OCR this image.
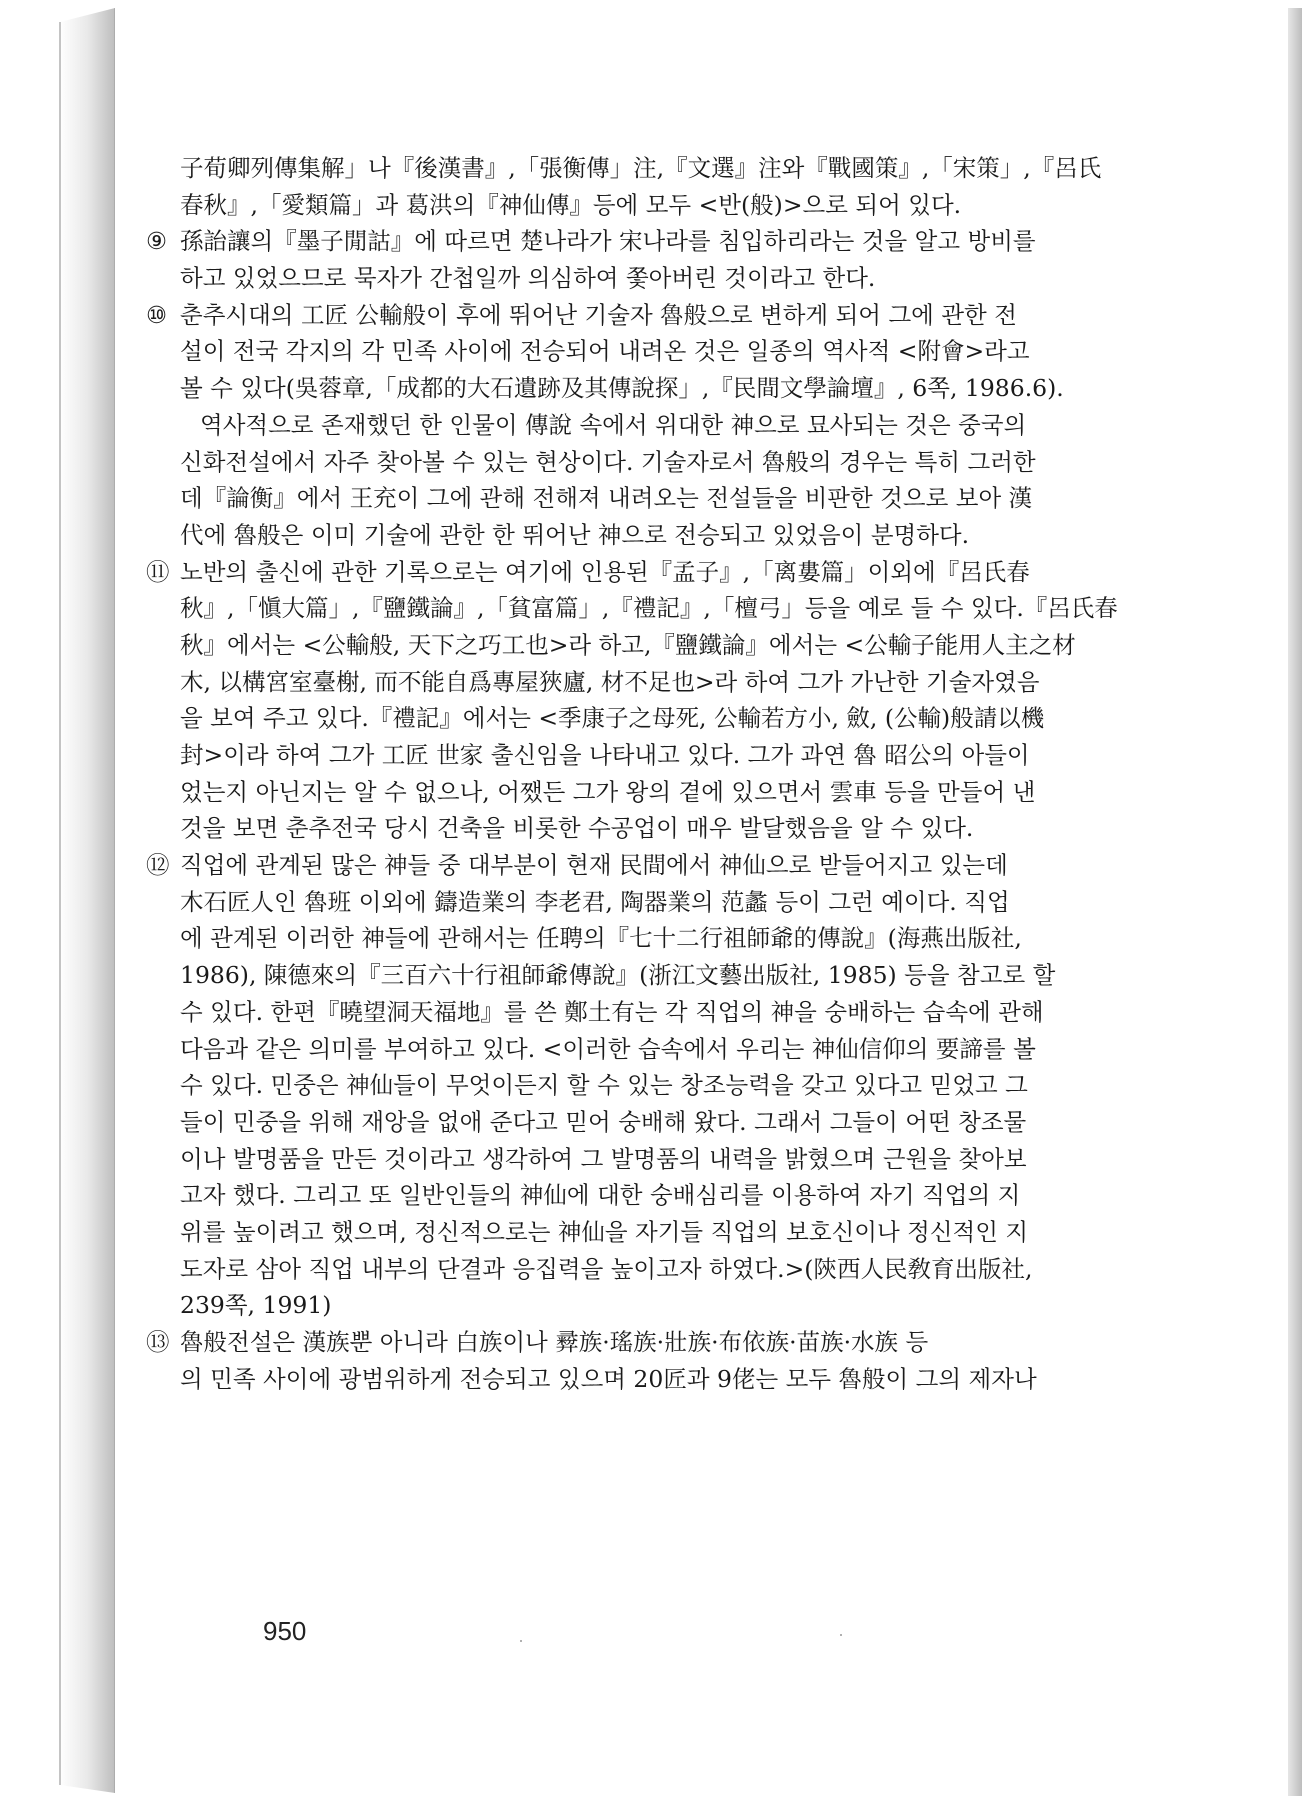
子荀卿列傳集解」나『後漢書』,「張衡傳」注,『文選』注와『戰國策』,「宋策」,『呂氏
春秋』,「愛類篇」과 葛洪의『神仙傳』등에 모두 <반(般)>으로 되어 있다.
⑨ 孫詒讓의『墨子閒詁』에 따르면 楚나라가 宋나라를 침입하리라는 것을 알고 방비를
하고 있었으므로 묵자가 간첩일까 의심하여 쫓아버린 것이라고 한다.
⑩ 춘추시대의 工匠 公輸般이 후에 뛰어난 기술자 魯般으로 변하게 되어 그에 관한 전
설이 전국 각지의 각 민족 사이에 전승되어 내려온 것은 일종의 역사적 <附會>라고
볼 수 있다(吳蓉章,「成都的大石遺跡及其傳說探」,『民間文學論壇』, 6쪽, 1986.6).
역사적으로 존재했던 한 인물이 傳說 속에서 위대한 神으로 묘사되는 것은 중국의
신화전설에서 자주 찾아볼 수 있는 현상이다. 기술자로서 魯般의 경우는 특히 그러한
데『論衡』에서 王充이 그에 관해 전해져 내려오는 전설들을 비판한 것으로 보아 漢
代에 魯般은 이미 기술에 관한 한 뛰어난 神으로 전승되고 있었음이 분명하다.
⑪ 노반의 출신에 관한 기록으로는 여기에 인용된『孟子』,「离婁篇」이외에『呂氏春
秋』,「愼大篇」,『鹽鐵論』,「貧富篇」,『禮記』,「檀弓」등을 예로 들 수 있다.『呂氏春
秋』에서는 <公輸般, 天下之巧工也>라 하고,『鹽鐵論』에서는 <公輸子能用人主之材
木, 以構宮室臺榭, 而不能自爲專屋狹廬, 材不足也>라 하여 그가 가난한 기술자였음
을 보여 주고 있다.『禮記』에서는 <季康子之母死, 公輸若方小, 斂, (公輸)般請以機
封>이라 하여 그가 工匠 世家 출신임을 나타내고 있다. 그가 과연 魯 昭公의 아들이
었는지 아닌지는 알 수 없으나, 어쨌든 그가 왕의 곁에 있으면서 雲車 등을 만들어 낸
것을 보면 춘추전국 당시 건축을 비롯한 수공업이 매우 발달했음을 알 수 있다.
⑫ 직업에 관계된 많은 神들 중 대부분이 현재 民間에서 神仙으로 받들어지고 있는데
木石匠人인 魯班 이외에 鑄造業의 李老君, 陶器業의 范蠡 등이 그런 예이다. 직업
에 관계된 이러한 神들에 관해서는 任聘의『七十二行祖師爺的傳說』(海燕出版社,
1986), 陳德來의『三百六十行祖師爺傳說』(浙江文藝出版社, 1985) 등을 참고로 할
수 있다. 한편『曉望洞天福地』를 쓴 鄭土有는 각 직업의 神을 숭배하는 습속에 관해
다음과 같은 의미를 부여하고 있다. <이러한 습속에서 우리는 神仙信仰의 要諦를 볼
수 있다. 민중은 神仙들이 무엇이든지 할 수 있는 창조능력을 갖고 있다고 믿었고 그
들이 민중을 위해 재앙을 없애 준다고 믿어 숭배해 왔다. 그래서 그들이 어떤 창조물
이나 발명품을 만든 것이라고 생각하여 그 발명품의 내력을 밝혔으며 근원을 찾아보
고자 했다. 그리고 또 일반인들의 神仙에 대한 숭배심리를 이용하여 자기 직업의 지
위를 높이려고 했으며, 정신적으로는 神仙을 자기들 직업의 보호신이나 정신적인 지
도자로 삼아 직업 내부의 단결과 응집력을 높이고자 하였다.>(陝西人民敎育出版社,
239쪽, 1991)
⑬ 魯般전설은 漢族뿐 아니라 白族이나 彛族·瑤族·壯族·布依族·苗族·水族 등
의 민족 사이에 광범위하게 전승되고 있으며 20匠과 9佬는 모두 魯般이 그의 제자나
950
